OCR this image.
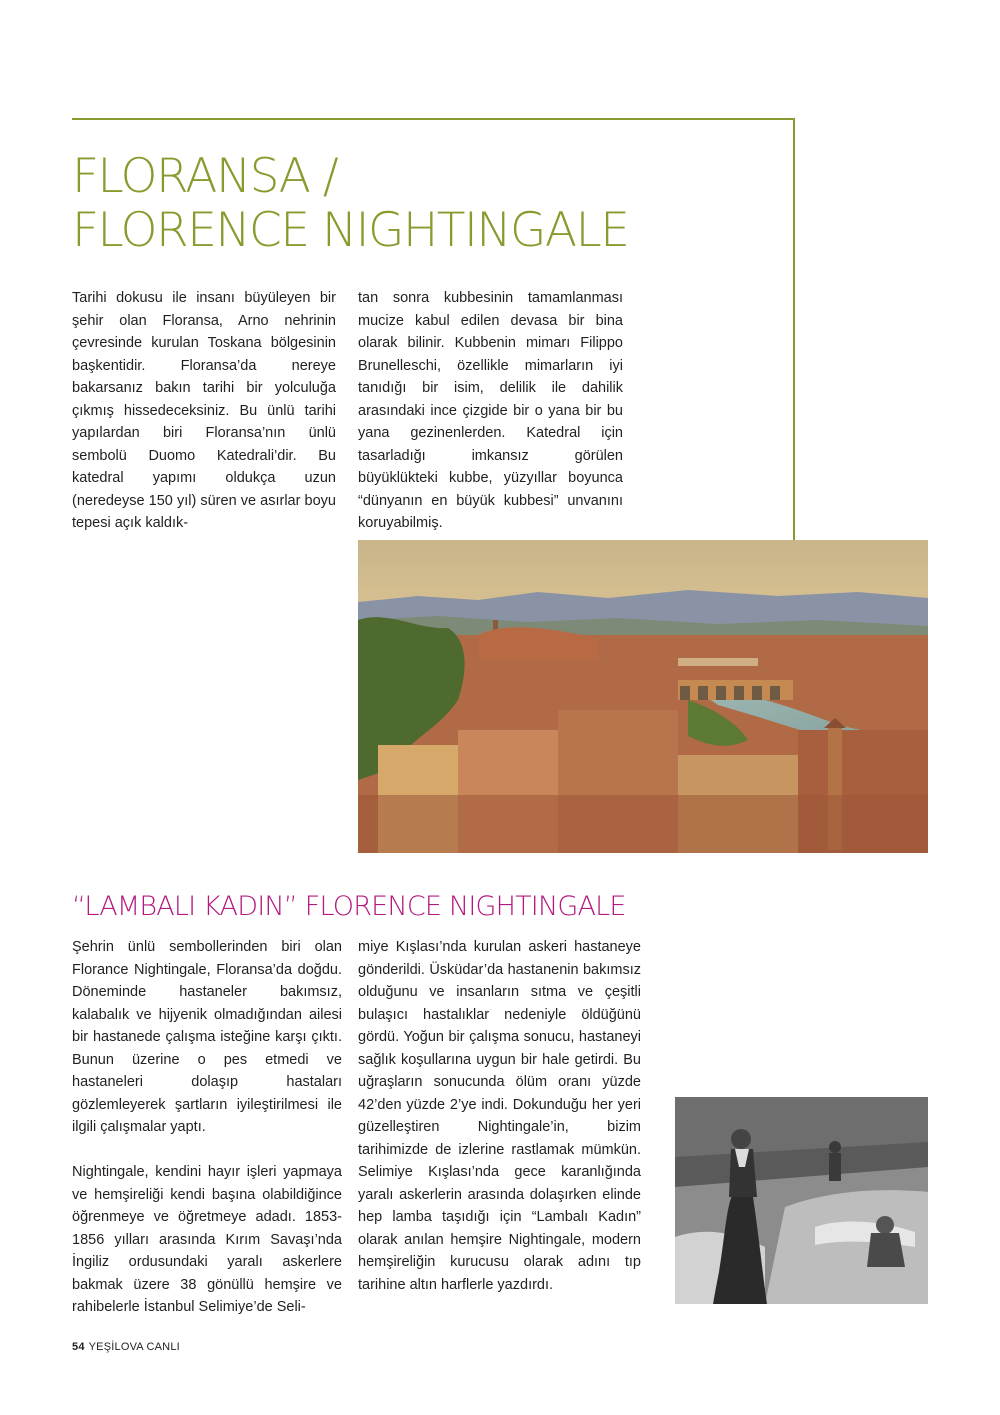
FLORANSA /
FLORENCE NIGHTINGALE

Tarihi dokusu ile insanı büyüleyen bir şehir olan Floransa, Arno nehrinin çevresinde kurulan Toskana bölgesinin başkentidir. Floransa’da nereye bakarsanız bakın tarihi bir yolculuğa çıkmış hissedeceksiniz. Bu ünlü tarihi yapılardan biri Floransa’nın ünlü sembolü Duomo Katedrali’dir. Bu katedral yapımı oldukça uzun (neredeyse 150 yıl) süren ve asırlar boyu tepesi açık kaldık-

tan sonra kubbesinin tamamlanması mucize kabul edilen devasa bir bina olarak bilinir. Kubbenin mimarı Filippo Brunelleschi, özellikle mimarların iyi tanıdığı bir isim, delilik ile dahilik arasındaki ince çizgide bir o yana bir bu yana gezinenlerden. Katedral için tasarladığı imkansız görülen büyüklükteki kubbe, yüzyıllar boyunca “dünyanın en büyük kubbesi” unvanını koruyabilmiş.

“LAMBALI KADIN” FLORENCE NIGHTINGALE

Şehrin ünlü sembollerinden biri olan Florance Nightingale, Floransa’da doğdu. Döneminde hastaneler bakımsız, kalabalık ve hijyenik olmadığından ailesi bir hastanede çalışma isteğine karşı çıktı. Bunun üzerine o pes etmedi ve hastaneleri dolaşıp hastaları gözlemleyerek şartların iyileştirilmesi ile ilgili çalışmalar yaptı.

Nightingale, kendini hayır işleri yapmaya ve hemşireliği kendi başına olabildiğince öğrenmeye ve öğretmeye adadı. 1853- 1856 yılları arasında Kırım Savaşı’nda İngiliz ordusundaki yaralı askerlere bakmak üzere 38 gönüllü hemşire ve rahibelerle İstanbul Selimiye’de Seli-

miye Kışlası’nda kurulan askeri hastaneye gönderildi. Üsküdar’da hastanenin bakımsız olduğunu ve insanların sıtma ve çeşitli bulaşıcı hastalıklar nedeniyle öldüğünü gördü. Yoğun bir çalışma sonucu, hastaneyi sağlık koşullarına uygun bir hale getirdi. Bu uğraşların sonucunda ölüm oranı yüzde 42’den yüzde 2’ye indi. Dokunduğu her yeri güzelleştiren Nightingale’in, bizim tarihimizde de izlerine rastlamak mümkün. Selimiye Kışlası’nda gece karanlığında yaralı askerlerin arasında dolaşırken elinde hep lamba taşıdığı için “Lambalı Kadın” olarak anılan hemşire Nightingale, modern hemşireliğin kurucusu olarak adını tıp tarihine altın harflerle yazdırdı.

54 YEŞİLOVA CANLI
